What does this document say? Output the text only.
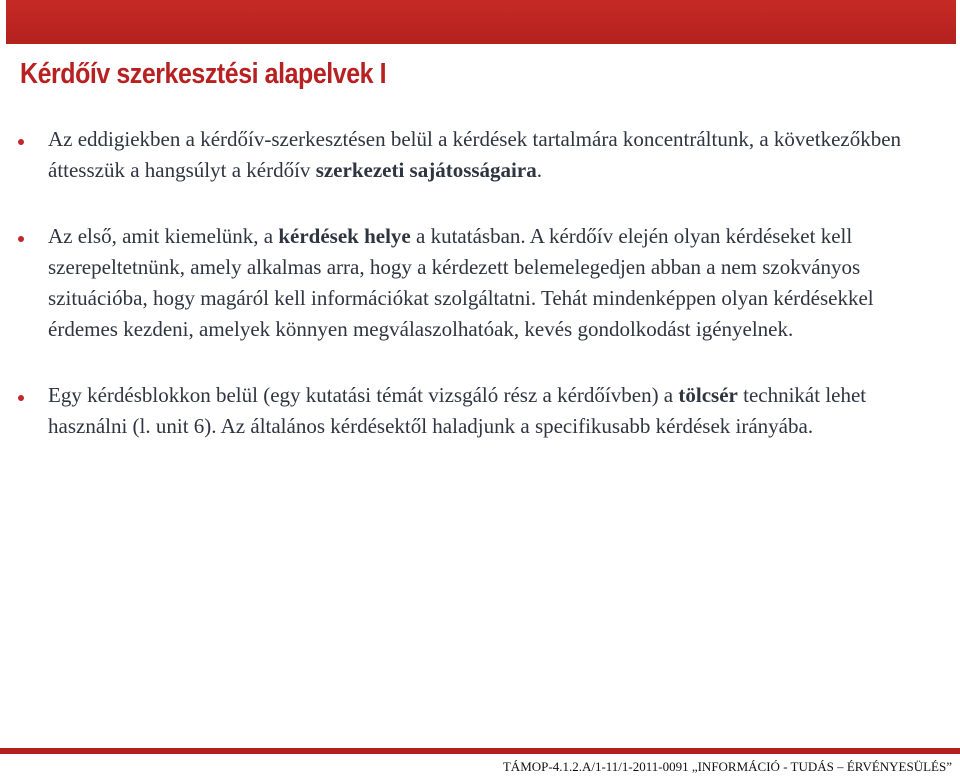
Kérdőív szerkesztési alapelvek I
Az eddigiekben a kérdőív-szerkesztésen belül a kérdések tartalmára koncentráltunk, a következőkben áttesszük a hangsúlyt a kérdőív szerkezeti sajátosságaira.
Az első, amit kiemelünk, a kérdések helye a kutatásban. A kérdőív elején olyan kérdéseket kell szerepeltetnünk, amely alkalmas arra, hogy a kérdezett belemelegedjen abban a nem szokványos szituációba, hogy magáról kell információkat szolgáltatni. Tehát mindenképpen olyan kérdésekkel érdemes kezdeni, amelyek könnyen megválaszolhatóak, kevés gondolkodást igényelnek.
Egy kérdésblokkon belül (egy kutatási témát vizsgáló rész a kérdőívben) a tölcsér technikát lehet használni (l. unit 6). Az általános kérdésektől haladjunk a specifikusabb kérdések irányába.

TÁMOP-4.1.2.A/1-11/1-2011-0091 „INFORMÁCIÓ - TUDÁS – ÉRVÉNYESÜLÉS”
